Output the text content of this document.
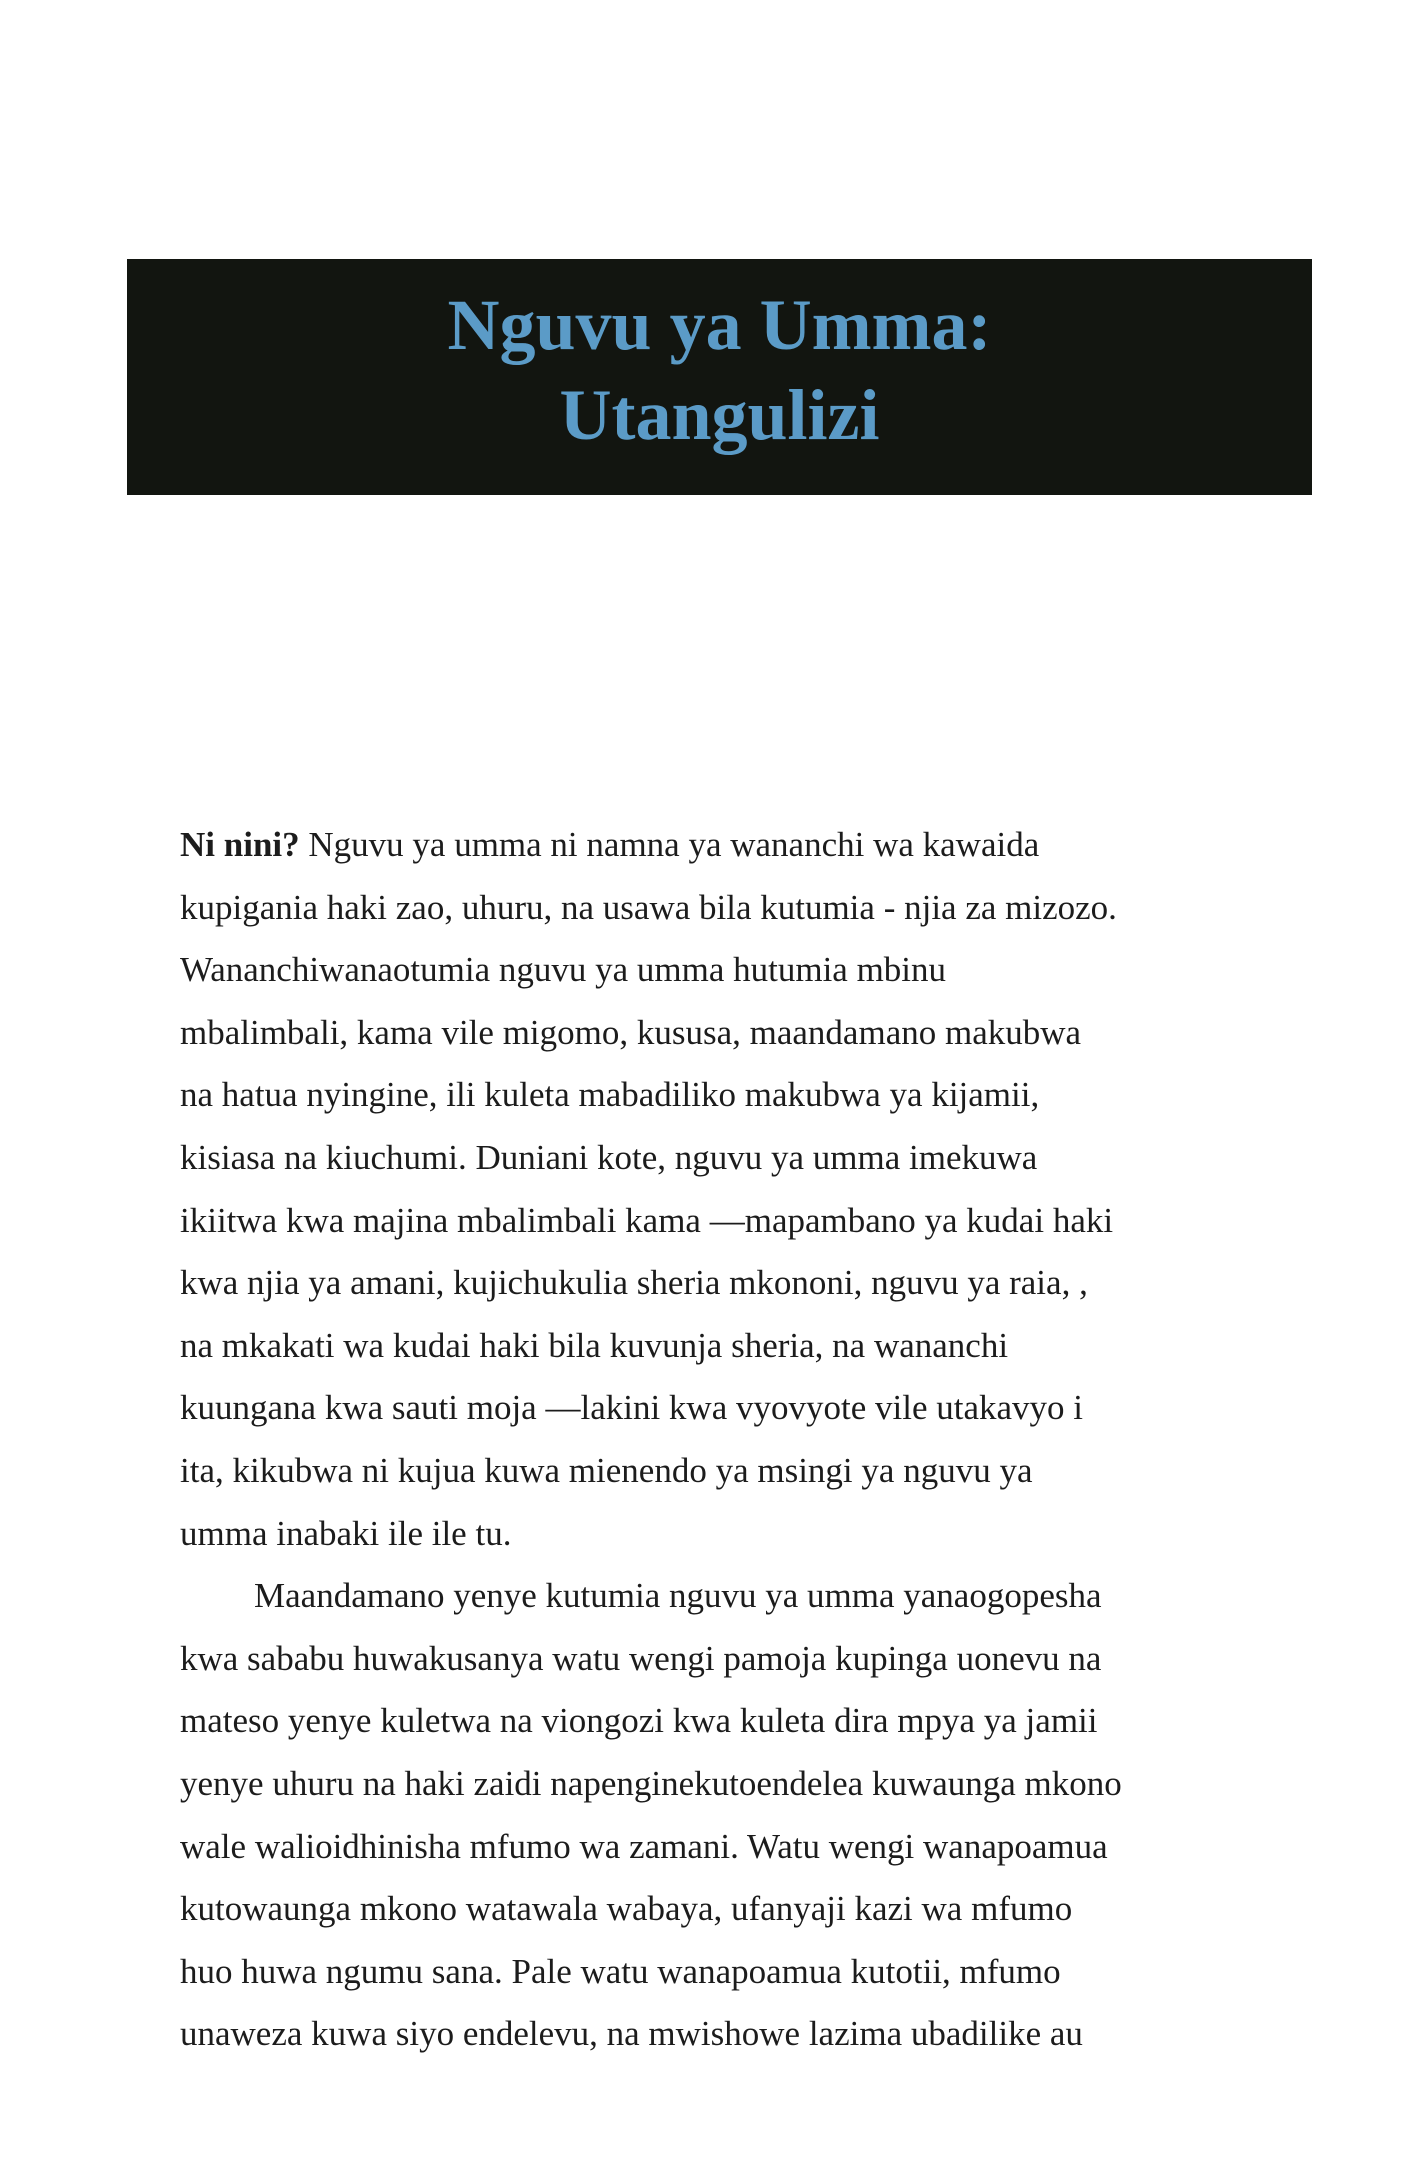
Nguvu ya Umma:
Utangulizi

Ni nini? Nguvu ya umma ni namna ya wananchi wa kawaida
kupigania haki zao, uhuru, na usawa bila kutumia - njia za mizozo.
Wananchiwanaotumia nguvu ya umma hutumia mbinu
mbalimbali, kama vile migomo, kususa, maandamano makubwa
na hatua nyingine, ili kuleta mabadiliko makubwa ya kijamii,
kisiasa na kiuchumi. Duniani kote, nguvu ya umma imekuwa
ikiitwa kwa majina mbalimbali kama —mapambano ya kudai haki
kwa njia ya amani, kujichukulia sheria mkononi, nguvu ya raia, ,
na mkakati wa kudai haki bila kuvunja sheria, na wananchi
kuungana kwa sauti moja —lakini kwa vyovyote vile utakavyo i
ita, kikubwa ni kujua kuwa mienendo ya msingi ya nguvu ya
umma inabaki ile ile tu.

Maandamano yenye kutumia nguvu ya umma yanaogopesha
kwa sababu huwakusanya watu wengi pamoja kupinga uonevu na
mateso yenye kuletwa na viongozi kwa kuleta dira mpya ya jamii
yenye uhuru na haki zaidi napenginekutoendelea kuwaunga mkono
wale walioidhinisha mfumo wa zamani. Watu wengi wanapoamua
kutowaunga mkono watawala wabaya, ufanyaji kazi wa mfumo
huo huwa ngumu sana. Pale watu wanapoamua kutotii, mfumo
unaweza kuwa siyo endelevu, na mwishowe lazima ubadilike au
